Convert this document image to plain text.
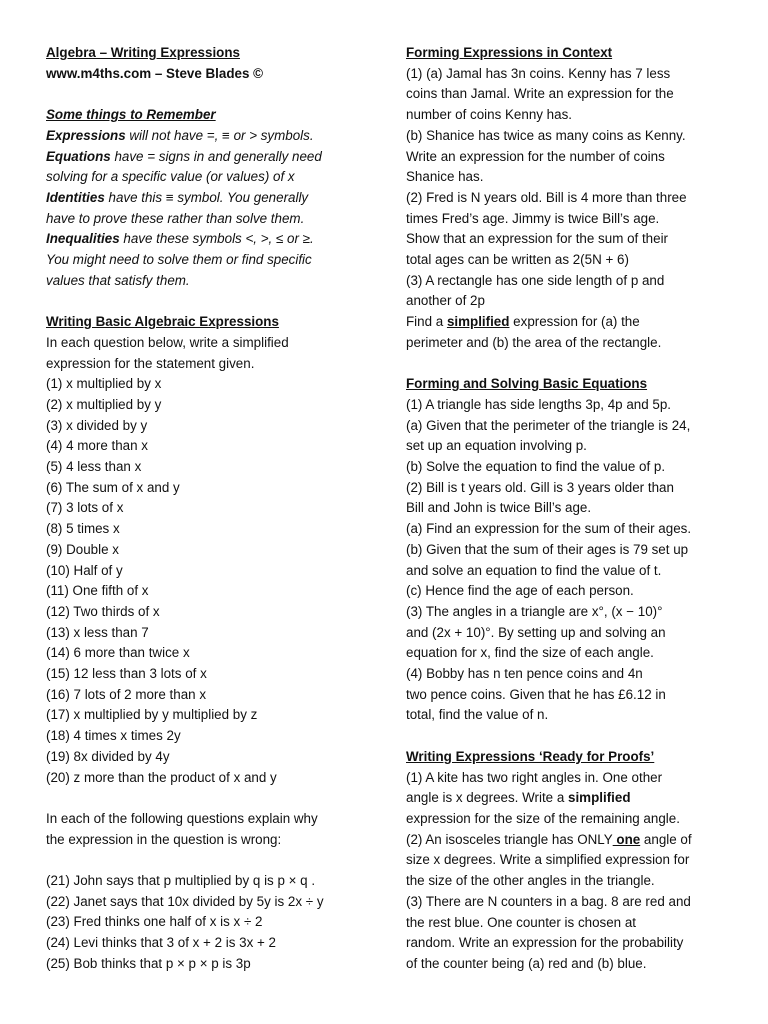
Algebra – Writing Expressions

www.m4ths.com – Steve Blades ©

Some things to Remember

Expressions will not have =, ≡ or > symbols.

Equations have = signs in and generally need

solving for a specific value (or values) of x

Identities have this ≡ symbol. You generally

have to prove these rather than solve them.

Inequalities have these symbols <, >, ≤ or ≥.

You might need to solve them or find specific

values that satisfy them.

Writing Basic Algebraic Expressions

In each question below, write a simplified

expression for the statement given.

(1) x multiplied by x

(2) x multiplied by y

(3) x divided by y

(4) 4 more than x

(5) 4 less than x

(6) The sum of x and y

(7) 3 lots of x

(8) 5 times x

(9) Double x

(10) Half of y

(11) One fifth of x

(12) Two thirds of x

(13) x less than 7

(14) 6 more than twice x

(15) 12 less than 3 lots of x

(16) 7 lots of 2 more than x

(17) x multiplied by y multiplied by z

(18) 4 times x times 2y

(19) 8x divided by 4y

(20) z more than the product of x and y

In each of the following questions explain why

the expression in the question is wrong:

(21) John says that p multiplied by q is p × q .

(22) Janet says that 10x divided by 5y is 2x ÷ y

(23) Fred thinks one half of x is x ÷ 2

(24) Levi thinks that 3 of x + 2 is 3x + 2

(25) Bob thinks that p × p × p is 3p

Forming Expressions in Context

(1) (a) Jamal has 3n coins. Kenny has 7 less

coins than Jamal. Write an expression for the

number of coins Kenny has.

(b) Shanice has twice as many coins as Kenny.

Write an expression for the number of coins

Shanice has.

(2) Fred is N years old. Bill is 4 more than three

times Fred’s age. Jimmy is twice Bill’s age.

Show that an expression for the sum of their

total ages can be written as 2(5N + 6)

(3) A rectangle has one side length of p and

another of 2p

Find a simplified expression for (a) the

perimeter and (b) the area of the rectangle.

Forming and Solving Basic Equations

(1) A triangle has side lengths 3p, 4p and 5p.

(a) Given that the perimeter of the triangle is 24,

set up an equation involving p.

(b) Solve the equation to find the value of p.

(2) Bill is t years old. Gill is 3 years older than

Bill and John is twice Bill’s age.

(a) Find an expression for the sum of their ages.

(b) Given that the sum of their ages is 79 set up

and solve an equation to find the value of t.

(c) Hence find the age of each person.

(3) The angles in a triangle are x°, (x − 10)°

and (2x + 10)°. By setting up and solving an

equation for x, find the size of each angle.

(4) Bobby has n ten pence coins and 4n

two pence coins. Given that he has £6.12 in

total, find the value of n.

Writing Expressions ‘Ready for Proofs’

(1) A kite has two right angles in. One other

angle is x degrees. Write a simplified

expression for the size of the remaining angle.

(2) An isosceles triangle has ONLY one angle of

size x degrees. Write a simplified expression for

the size of the other angles in the triangle.

(3) There are N counters in a bag. 8 are red and

the rest blue. One counter is chosen at

random. Write an expression for the probability

of the counter being (a) red and (b) blue.
